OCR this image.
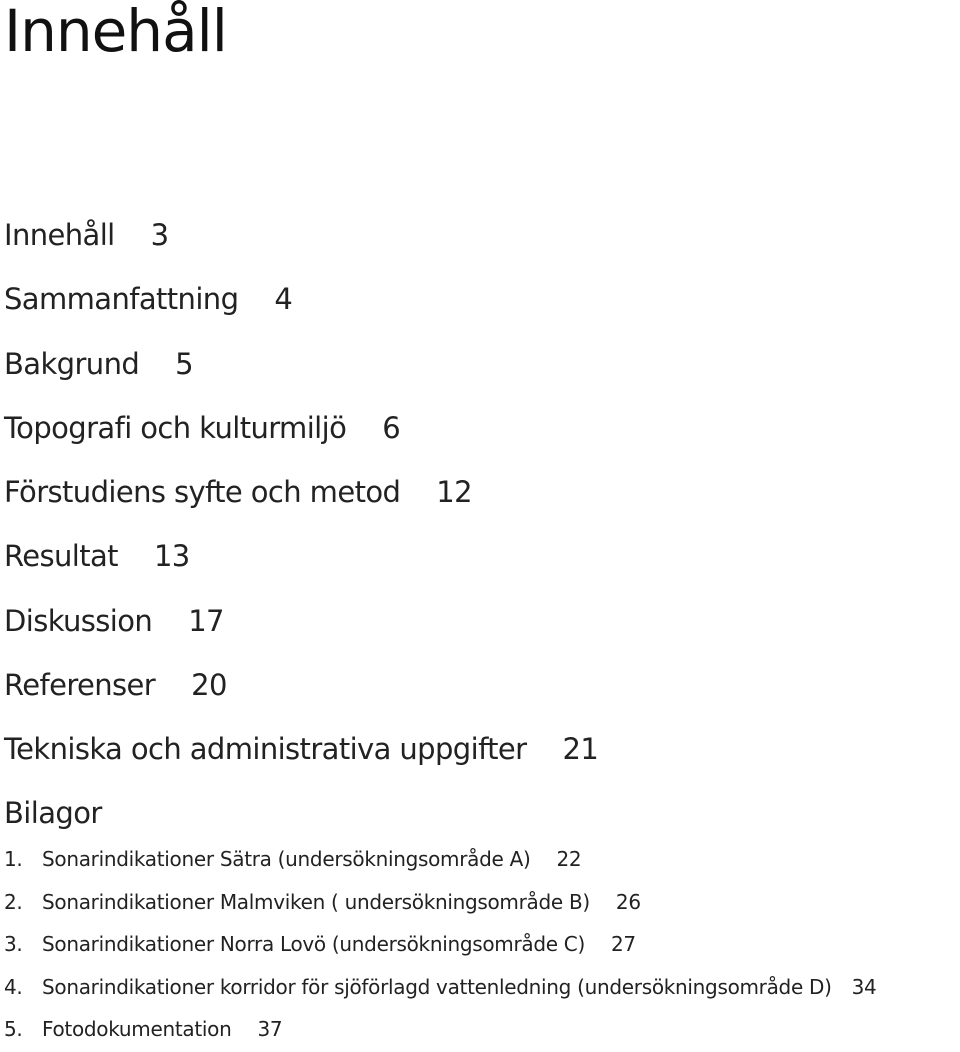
Innehåll
Innehåll 3
Sammanfattning 4
Bakgrund 5
Topografi och kulturmiljö 6
Förstudiens syfte och metod 12
Resultat 13
Diskussion 17
Referenser 20
Tekniska och administrativa uppgifter 21
Bilagor
1. Sonarindikationer Sätra (undersökningsområde A) 22
2. Sonarindikationer Malmviken ( undersökningsområde B) 26
3. Sonarindikationer Norra Lovö (undersökningsområde C) 27
4. Sonarindikationer korridor för sjöförlagd vattenledning (undersökningsområde D) 34
5. Fotodokumentation 37
